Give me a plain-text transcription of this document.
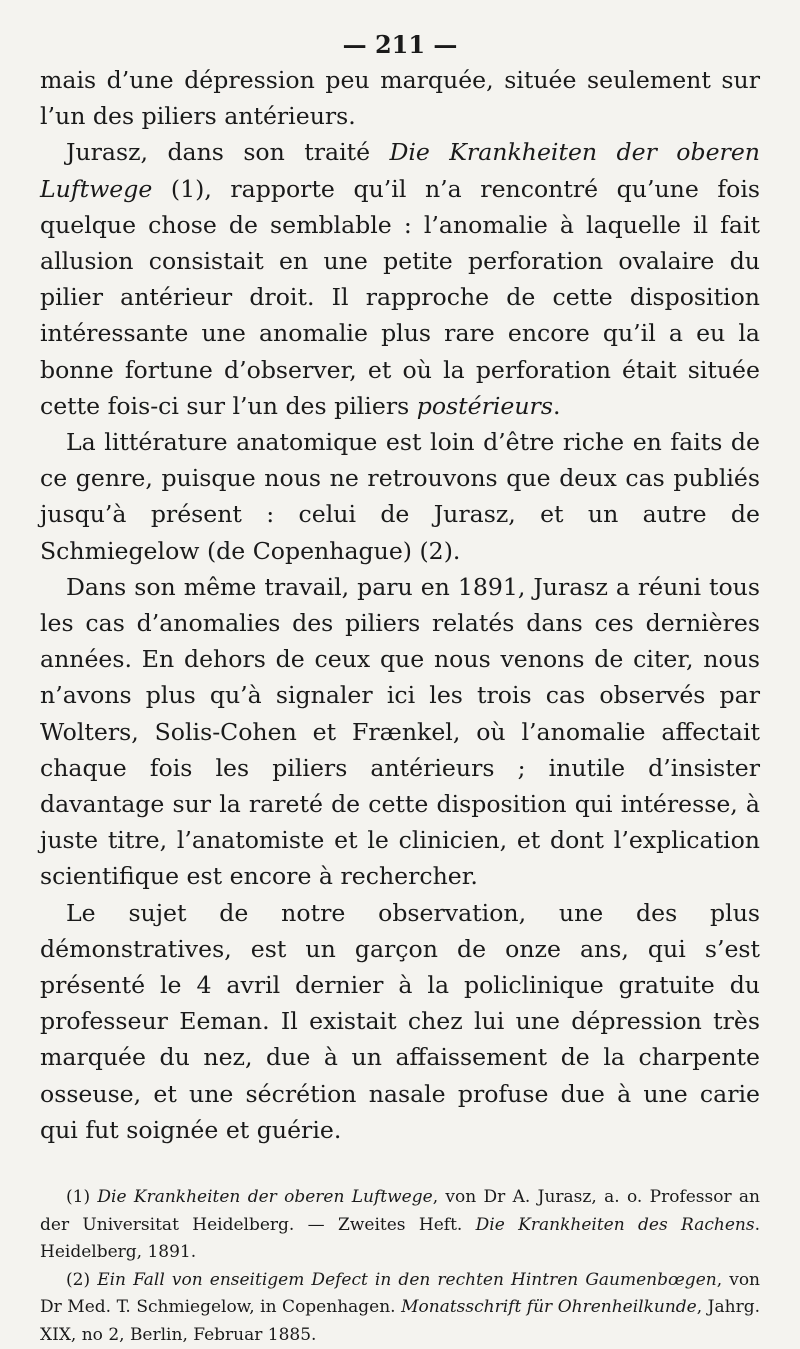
— 211 —

mais d’une dépression peu marquée, située seulement sur l’un des piliers antérieurs.

Jurasz, dans son traité Die Krankheiten der oberen Luftwege (1), rapporte qu’il n’a rencontré qu’une fois quelque chose de semblable : l’anomalie à laquelle il fait allusion consistait en une petite perforation ovalaire du pilier antérieur droit. Il rapproche de cette disposition intéressante une anomalie plus rare encore qu’il a eu la bonne fortune d’observer, et où la perforation était située cette fois-ci sur l’un des piliers postérieurs.

La littérature anatomique est loin d’être riche en faits de ce genre, puisque nous ne retrouvons que deux cas publiés jusqu’à présent : celui de Jurasz, et un autre de Schmiegelow (de Copenhague) (2).

Dans son même travail, paru en 1891, Jurasz a réuni tous les cas d’anomalies des piliers relatés dans ces dernières années. En dehors de ceux que nous venons de citer, nous n’avons plus qu’à signaler ici les trois cas observés par Wolters, Solis-Cohen et Frænkel, où l’anomalie affectait chaque fois les piliers antérieurs ; inutile d’insister davantage sur la rareté de cette disposition qui intéresse, à juste titre, l’anatomiste et le clinicien, et dont l’explication scientifique est encore à rechercher.

Le sujet de notre observation, une des plus démonstratives, est un garçon de onze ans, qui s’est présenté le 4 avril dernier à la policlinique gratuite du professeur Eeman. Il existait chez lui une dépression très marquée du nez, due à un affaissement de la charpente osseuse, et une sécrétion nasale profuse due à une carie qui fut soignée et guérie.

(1) Die Krankheiten der oberen Luftwege, von Dr A. Jurasz, a. o. Professor an der Universitat Heidelberg. — Zweites Heft. Die Krankheiten des Rachens. Heidelberg, 1891.

(2) Ein Fall von enseitigem Defect in den rechten Hintren Gaumenbœgen, von Dr Med. T. Schmiegelow, in Copenhagen. Monatsschrift für Ohrenheilkunde, Jahrg. XIX, no 2, Berlin, Februar 1885.
